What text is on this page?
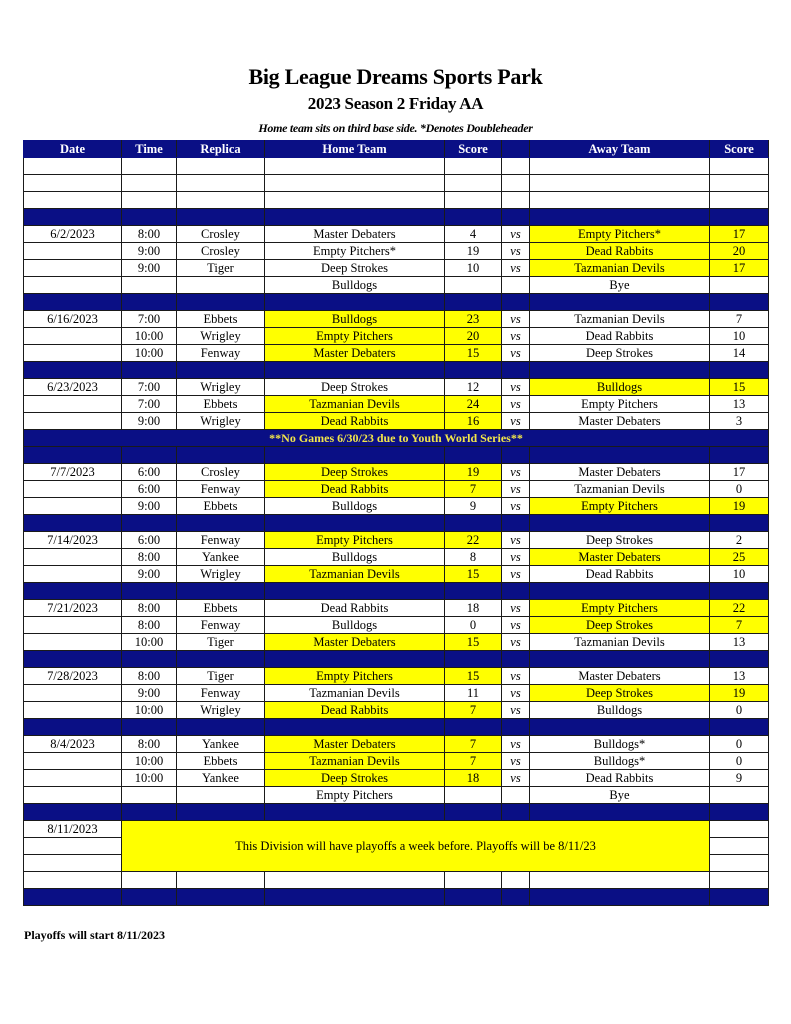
Big League Dreams Sports Park
2023 Season 2 Friday AA
Home team sits on third base side. *Denotes Doubleheader
Date	Time	Replica	Home Team	Score		Away Team	Score

6/2/2023	8:00	Crosley	Master Debaters	4	vs	Empty Pitchers*	17
	9:00	Crosley	Empty Pitchers*	19	vs	Dead Rabbits	20
	9:00	Tiger	Deep Strokes	10	vs	Tazmanian Devils	17
			Bulldogs			Bye	

6/16/2023	7:00	Ebbets	Bulldogs	23	vs	Tazmanian Devils	7
	10:00	Wrigley	Empty Pitchers	20	vs	Dead Rabbits	10
	10:00	Fenway	Master Debaters	15	vs	Deep Strokes	14

6/23/2023	7:00	Wrigley	Deep Strokes	12	vs	Bulldogs	15
	7:00	Ebbets	Tazmanian Devils	24	vs	Empty Pitchers	13
	9:00	Wrigley	Dead Rabbits	16	vs	Master Debaters	3
**No Games 6/30/23 due to Youth World Series**							

7/7/2023	6:00	Crosley	Deep Strokes	19	vs	Master Debaters	17
	6:00	Fenway	Dead Rabbits	7	vs	Tazmanian Devils	0
	9:00	Ebbets	Bulldogs	9	vs	Empty Pitchers	19

7/14/2023	6:00	Fenway	Empty Pitchers	22	vs	Deep Strokes	2
	8:00	Yankee	Bulldogs	8	vs	Master Debaters	25
	9:00	Wrigley	Tazmanian Devils	15	vs	Dead Rabbits	10

7/21/2023	8:00	Ebbets	Dead Rabbits	18	vs	Empty Pitchers	22
	8:00	Fenway	Bulldogs	0	vs	Deep Strokes	7
	10:00	Tiger	Master Debaters	15	vs	Tazmanian Devils	13

7/28/2023	8:00	Tiger	Empty Pitchers	15	vs	Master Debaters	13
	9:00	Fenway	Tazmanian Devils	11	vs	Deep Strokes	19
	10:00	Wrigley	Dead Rabbits	7	vs	Bulldogs	0

8/4/2023	8:00	Yankee	Master Debaters	7	vs	Bulldogs*	0
	10:00	Ebbets	Tazmanian Devils	7	vs	Bulldogs*	0
	10:00	Yankee	Deep Strokes	18	vs	Dead Rabbits	9
			Empty Pitchers			Bye	

8/11/2023	This Division will have playoffs a week before. Playoffs will be 8/11/23						

Playoffs will start 8/11/2023
